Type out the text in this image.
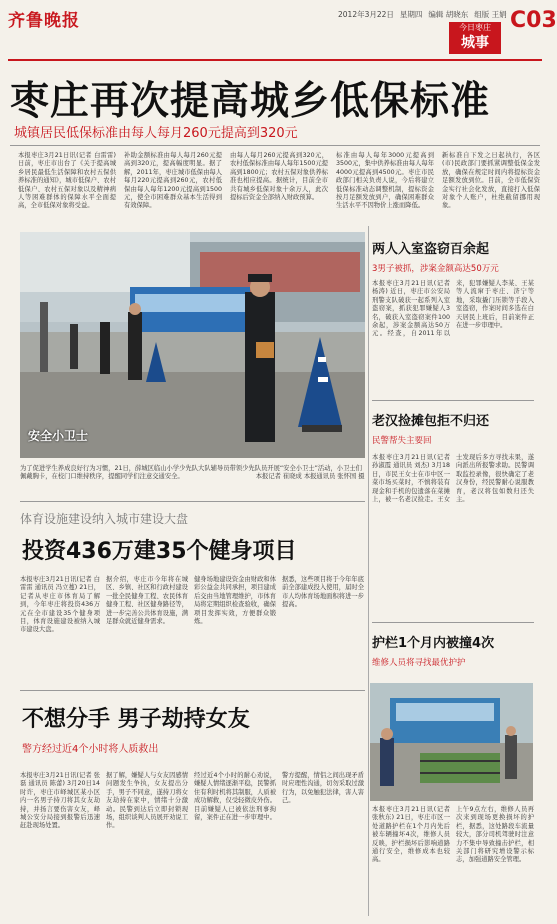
齐鲁晚报	2012年3月22日 星期四 编辑 胡晓东 组版 王娟
今日枣庄
城事
C03
枣庄再次提高城乡低保标准
城镇居民低保标准由每人每月260元提高到320元
本报枣庄3月21日讯(记者 白雷雷) 日前，枣庄市出台了《关于提高城乡居民最低生活保障和农村五保供养标准的通知》，城市低保户、农村低保户、农村五保对象以及精神病人等困难群体的保障水平全面提高，全市低保对象将受益。
补助金额标准由每人每月260元提高到320元，提高幅度明显。据了解，2011年，枣庄城市低保由每人每月220元提高到260元，农村低保由每人每年1200元提高到1500元，使全市困难群众基本生活得到有效保障。
由每人每月260元提高到320元，农村低保标准由每人每年1500元提高到1800元；农村五保对象供养标准也相应提高。据统计，目前全市共有城乡低保对象十余万人，此次提标后资金全部纳入财政预算。
标准由每人每年3000元提高到3500元，集中供养标准由每人每年4000元提高到4500元。枣庄市民政部门相关负责人说，今后将建立低保标准动态调整机制，提标资金按月足额发放到户，确保困难群众生活水平不因物价上涨而降低。
新标准自下发之日起执行，各区(市)民政部门要抓紧调整低保金发放，确保在规定时间内将提标资金足额发放到位。目前，全市低保资金实行社会化发放，直接打入低保对象个人账户，杜绝截留挪用现象。
安全小卫士
为了促进学生养成良好行为习惯，21日，薛城区临山小学少先队大队辅导员带领少先队员开展“安全小卫士”活动，小卫士们佩戴胸卡，在校门口维持秩序，提醒同学们注意交通安全。	本报记者 崔晓成 本报通讯员 张怀国 摄
体育设施建设纳入城市建设大盘
投资436万建35个健身项目
本报枣庄3月21日讯(记者 白雷雷 通讯员 冯立蔓) 21日，记者从枣庄市体育局了解到，今年枣庄将投资436万元在全市建设35个健身项目，体育设施建设被纳入城市建设大盘。
据介绍，枣庄市今年将在城区、乡镇、社区和行政村建设一批全民健身工程、农民体育健身工程、社区健身路径等，进一步完善公共体育设施，满足群众就近健身需求。
健身场地建设资金由财政和体彩公益金共同承担，项目建成后交由当地管理维护，市体育局将定期组织检查验收，确保项目发挥实效，方便群众锻炼。
据悉，这些项目将于今年年底前全部建成投入使用，届时全市人均体育场地面积将进一步提高。
不想分手 男子劫持女友
警方经过近4个小时将人质救出
本报枣庄3月21日讯(记者 张磊 通讯员 陈蕾) 3月20日14时许，枣庄市峄城区某小区内一名男子持刀将其女友劫持，并扬言要伤害女友，峄城公安分局接到报警后迅速赶赴现场处置。
据了解，嫌疑人与女友因感情问题发生争执，女友提出分手，男子不同意，遂持刀将女友劫持在家中，情绪十分激动。民警到达后立即封锁现场，组织谈判人员展开劝说工作。
经过近4个小时的耐心劝说，嫌疑人情绪逐渐平稳，民警抓住有利时机将其制服，人质被成功解救，仅受轻微皮外伤。目前嫌疑人已被依法刑事拘留，案件正在进一步审理中。
警方提醒，情侣之间出现矛盾时应理性沟通，切勿采取过激行为，以免触犯法律，害人害己。
两人入室盗窃百余起
3男子被抓，涉案金额高达50万元
本报枣庄3月21日讯(记者 杨涛) 近日，枣庄市公安局刑警支队破获一起系列入室盗窃案，抓获犯罪嫌疑人3名，破获入室盗窃案件100余起，涉案金额高达50万元。经查，自2011年以来，犯罪嫌疑人李某、王某等人流窜于枣庄、济宁等地，采取撬门压锁等手段入室盗窃，作案时间多选在白天居民上班后，目前案件正在进一步审理中。
老汉捡摊包拒不归还
民警帮失主要回
本报枣庄3月21日讯(记者 孙淑霞 通讯员 刘杰) 3月18日，市民王女士在市中区一菜市场买菜时，不慎将装有现金和手机的包遗落在菜摊上，被一名老汉捡走。王女士发现后多方寻找未果，遂向派出所报警求助。民警调取监控录像，很快确定了老汉身份，经民警耐心说服教育，老汉将包如数归还失主。
护栏1个月内被撞4次
维修人员将寻找最优护护
本报枣庄3月21日讯(记者 张秋东) 21日，枣庄市区一处道路护栏在1个月内先后被车辆撞坏4次，维修人员反映，护栏损坏后影响道路通行安全，维修成本也较高。
上午9点左右，维修人员再次来到现场更换损坏的护栏，据悉，这处路段车流量较大，部分司机驾驶时注意力不集中导致撞击护栏，相关部门将研究增设警示标志，加强道路安全管理。
